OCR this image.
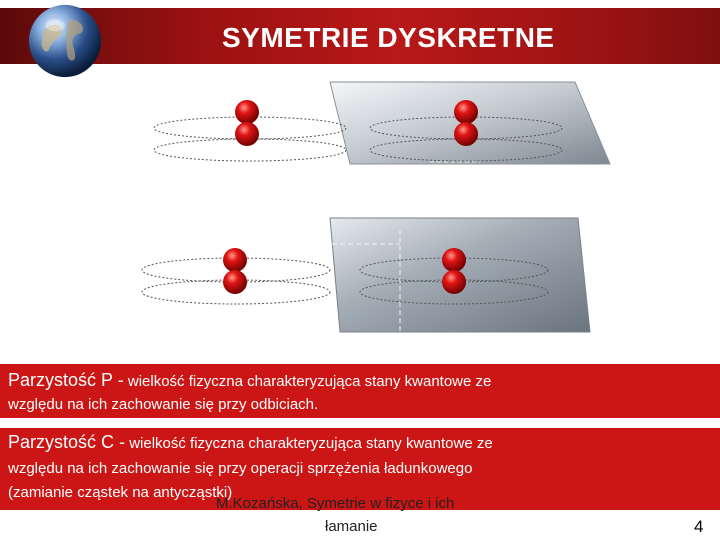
SYMETRIE DYSKRETNE
Parzystość P - wielkość fizyczna charakteryzująca stany kwantowe ze
względu na ich zachowanie się przy odbiciach.
Parzystość C - wielkość fizyczna charakteryzująca stany kwantowe ze
względu na ich zachowanie się przy operacji sprzężenia ładunkowego
(zamianie cząstek na antycząstki)
M.Kozańska, Symetrie w fizyce i ich
łamanie	4
